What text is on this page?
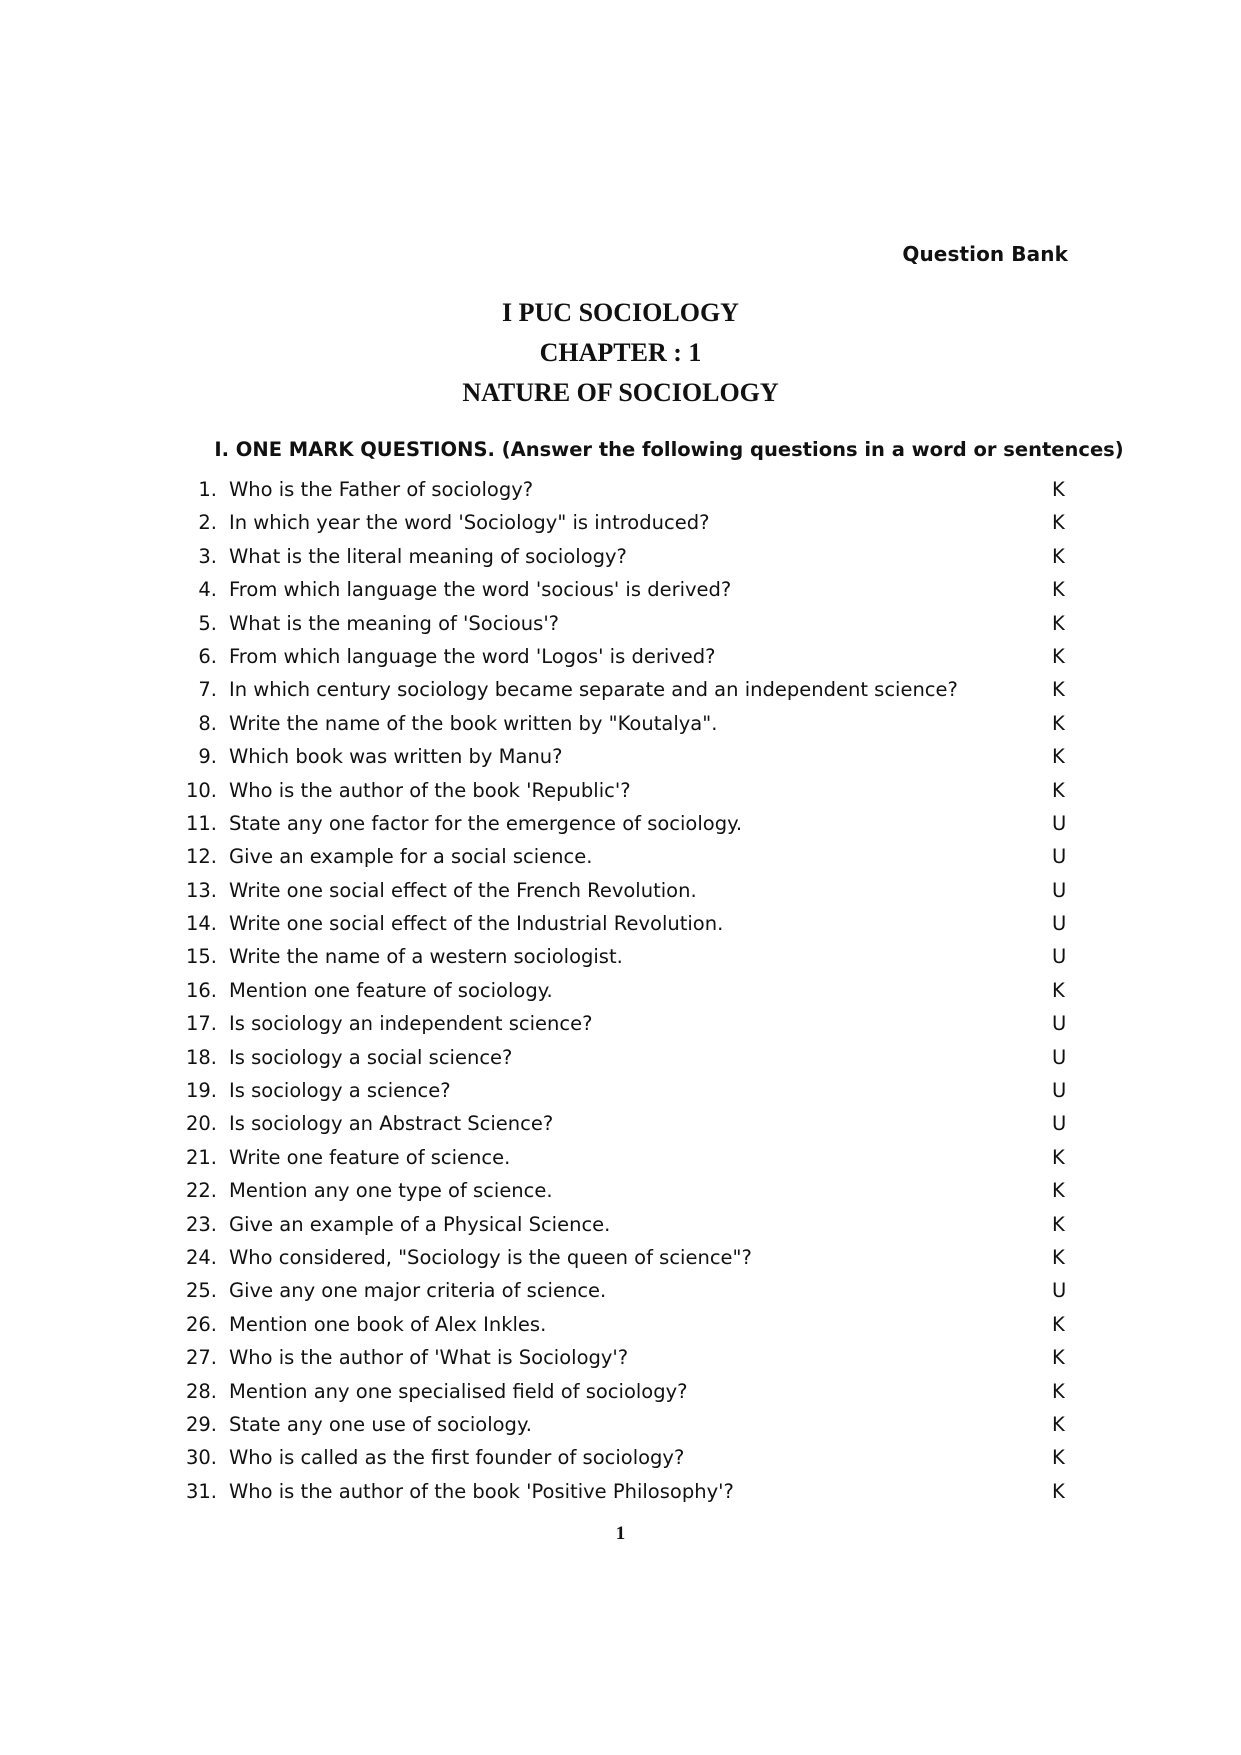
Question Bank
I PUC SOCIOLOGY
CHAPTER : 1
NATURE OF SOCIOLOGY
I. ONE MARK QUESTIONS. (Answer the following questions in a word or sentences)
1. Who is the Father of sociology?	K
2. In which year the word 'Sociology" is introduced?	K
3. What is the literal meaning of sociology?	K
4. From which language the word 'socious' is derived?	K
5. What is the meaning of 'Socious'?	K
6. From which language the word 'Logos' is derived?	K
7. In which century sociology became separate and an independent science?	K
8. Write the name of the book written by "Koutalya".	K
9. Which book was written by Manu?	K
10. Who is the author of the book 'Republic'?	K
11. State any one factor for the emergence of sociology.	U
12. Give an example for a social science.	U
13. Write one social effect of the French Revolution.	U
14. Write one social effect of the Industrial Revolution.	U
15. Write the name of a western sociologist.	U
16. Mention one feature of sociology.	K
17. Is sociology an independent science?	U
18. Is sociology a social science?	U
19. Is sociology a science?	U
20. Is sociology an Abstract Science?	U
21. Write one feature of science.	K
22. Mention any one type of science.	K
23. Give an example of a Physical Science.	K
24. Who considered, "Sociology is the queen of science"?	K
25. Give any one major criteria of science.	U
26. Mention one book of Alex Inkles.	K
27. Who is the author of 'What is Sociology'?	K
28. Mention any one specialised field of sociology?	K
29. State any one use of sociology.	K
30. Who is called as the first founder of sociology?	K
31. Who is the author of the book 'Positive Philosophy'?	K
1
